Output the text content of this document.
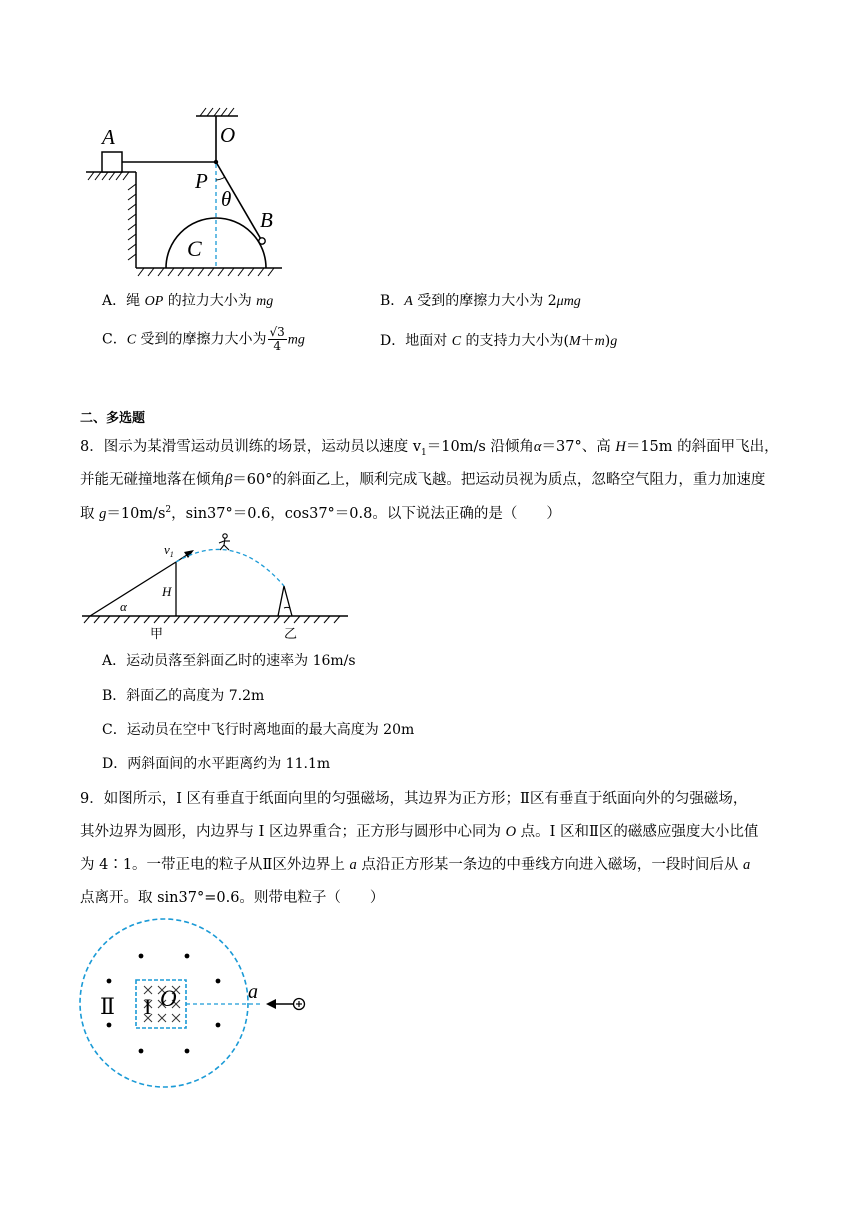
A	O
P
θ
B
C
A．绳 OP 的拉力大小为 mg	B．A 受到的摩擦力大小为 2μmg
C．C 受到的摩擦力大小为 $\frac{√3}{4}$ mg	D．地面对 C 的支持力大小为(M＋m)g
二、多选题
8．图示为某滑雪运动员训练的场景，运动员以速度 $v_1=10m/s$ 沿倾角α＝37°、高 H＝15m 的斜面甲飞出，
并能无碰撞地落在倾角β＝60°的斜面乙上，顺利完成飞越。把运动员视为质点，忽略空气阻力，重力加速度
取 $g=10m/s^2$，sin37°＝0.6，cos37°＝0.8。以下说法正确的是（　　）
$v_1$
H
α
甲	乙
A．运动员落至斜面乙时的速率为 16m/s
B．斜面乙的高度为 7.2m
C．运动员在空中飞行时离地面的最大高度为 20m
D．两斜面间的水平距离约为 11.1m
9．如图所示，I 区有垂直于纸面向里的匀强磁场，其边界为正方形；Ⅱ区有垂直于纸面向外的匀强磁场，
其外边界为圆形，内边界与 I 区边界重合；正方形与圆形中心同为 O 点。I 区和Ⅱ区的磁感应强度大小比值
为 4∶1。一带正电的粒子从Ⅱ区外边界上 a 点沿正方形某一条边的中垂线方向进入磁场，一段时间后从 a
点离开。取 sin37°=0.6。则带电粒子（　　）
Ⅱ I O	a
